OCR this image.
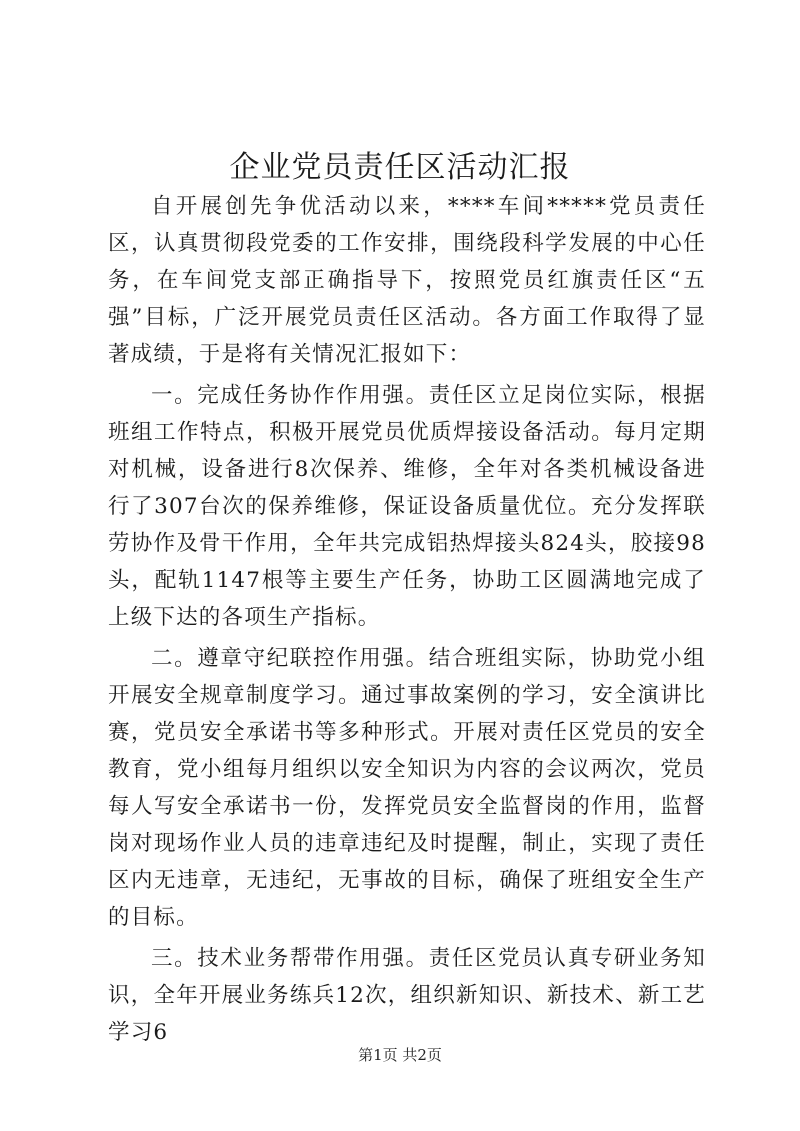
企业党员责任区活动汇报

自开展创先争优活动以来，****车间*****党员责任区，认真贯彻段党委的工作安排，围绕段科学发展的中心任务，在车间党支部正确指导下，按照党员红旗责任区“五强”目标，广泛开展党员责任区活动。各方面工作取得了显著成绩，于是将有关情况汇报如下：

一。完成任务协作作用强。责任区立足岗位实际，根据班组工作特点，积极开展党员优质焊接设备活动。每月定期对机械，设备进行8次保养、维修，全年对各类机械设备进行了307台次的保养维修，保证设备质量优位。充分发挥联劳协作及骨干作用，全年共完成铝热焊接头824头，胶接98头，配轨1147根等主要生产任务，协助工区圆满地完成了上级下达的各项生产指标。

二。遵章守纪联控作用强。结合班组实际，协助党小组开展安全规章制度学习。通过事故案例的学习，安全演讲比赛，党员安全承诺书等多种形式。开展对责任区党员的安全教育，党小组每月组织以安全知识为内容的会议两次，党员每人写安全承诺书一份，发挥党员安全监督岗的作用，监督岗对现场作业人员的违章违纪及时提醒，制止，实现了责任区内无违章，无违纪，无事故的目标，确保了班组安全生产的目标。

三。技术业务帮带作用强。责任区党员认真专研业务知识，全年开展业务练兵12次，组织新知识、新技术、新工艺学习6

第1页 共2页
